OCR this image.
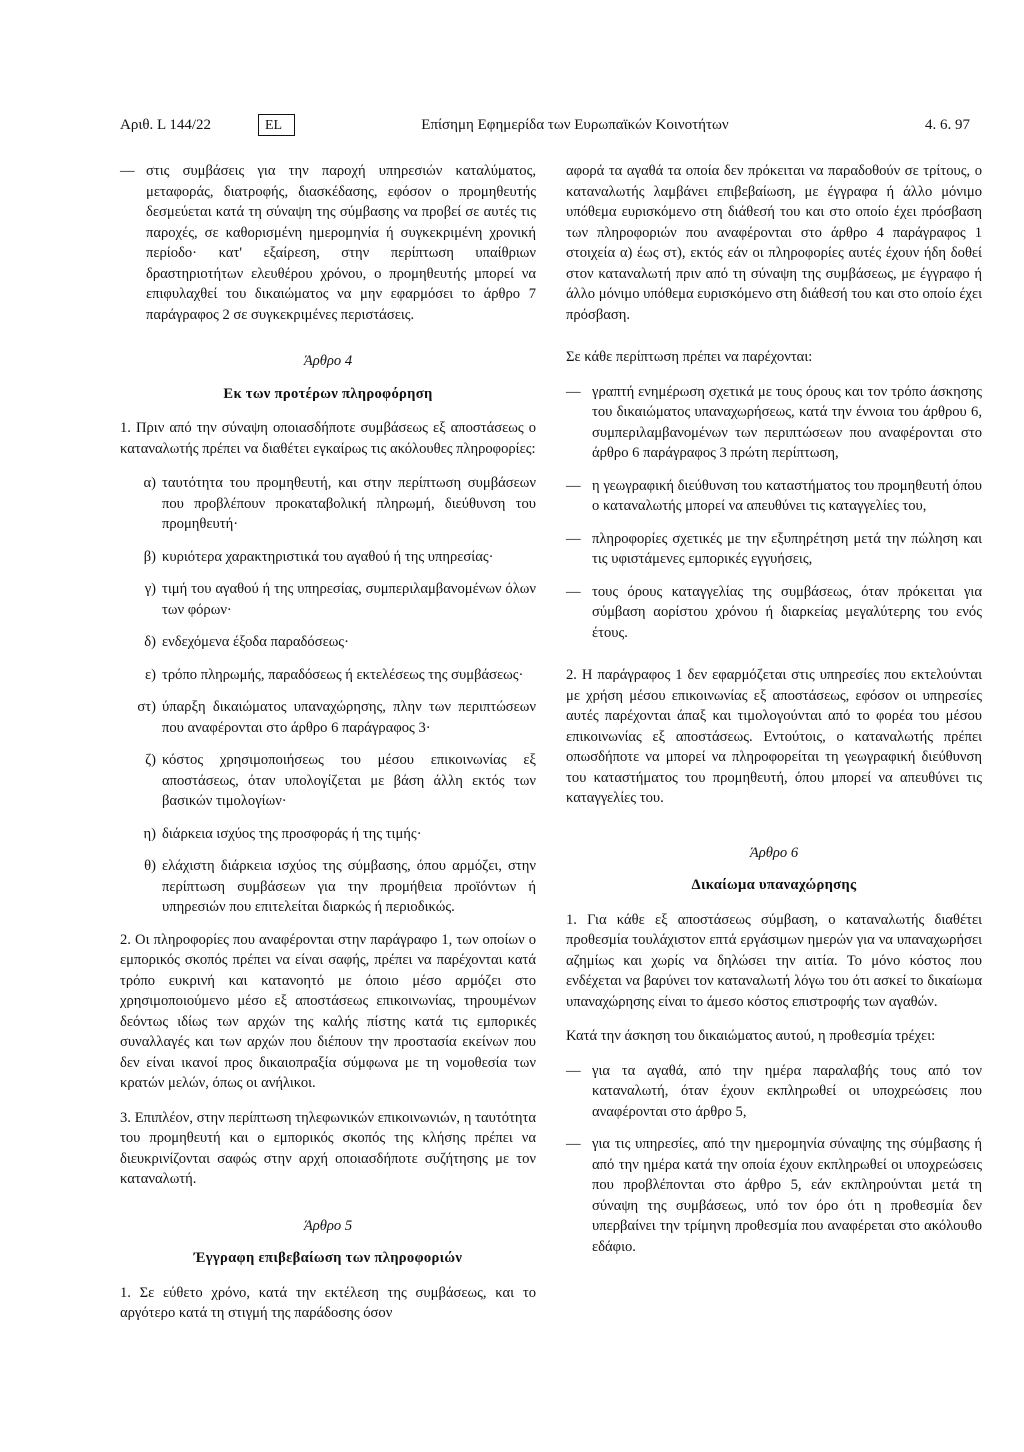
Αριθ. L 144/22	EL	Επίσημη Εφημερίδα των Ευρωπαϊκών Κοινοτήτων	4. 6. 97
— στις συμβάσεις για την παροχή υπηρεσιών καταλύματος, μεταφοράς, διατροφής, διασκέδασης, εφόσον ο προμηθευτής δεσμεύεται κατά τη σύναψη της σύμβασης να προβεί σε αυτές τις παροχές, σε καθορισμένη ημερομηνία ή συγκεκριμένη χρονική περίοδο· κατ' εξαίρεση, στην περίπτωση υπαίθριων δραστηριοτήτων ελευθέρου χρόνου, ο προμηθευτής μπορεί να επιφυλαχθεί του δικαιώματος να μην εφαρμόσει το άρθρο 7 παράγραφος 2 σε συγκεκριμένες περιστάσεις.
Άρθρο 4
Εκ των προτέρων πληροφόρηση

1. Πριν από την σύναψη οποιασδήποτε συμβάσεως εξ αποστάσεως ο καταναλωτής πρέπει να διαθέτει εγκαίρως τις ακόλουθες πληροφορίες:

α) ταυτότητα του προμηθευτή, και στην περίπτωση συμβάσεων που προβλέπουν προκαταβολική πληρωμή, διεύθυνση του προμηθευτή·
β) κυριότερα χαρακτηριστικά του αγαθού ή της υπηρεσίας·
γ) τιμή του αγαθού ή της υπηρεσίας, συμπεριλαμβανομένων όλων των φόρων·
δ) ενδεχόμενα έξοδα παραδόσεως·
ε) τρόπο πληρωμής, παραδόσεως ή εκτελέσεως της συμβάσεως·
στ) ύπαρξη δικαιώματος υπαναχώρησης, πλην των περιπτώσεων που αναφέρονται στο άρθρο 6 παράγραφος 3·
ζ) κόστος χρησιμοποιήσεως του μέσου επικοινωνίας εξ αποστάσεως, όταν υπολογίζεται με βάση άλλη εκτός των βασικών τιμολογίων·
η) διάρκεια ισχύος της προσφοράς ή της τιμής·
θ) ελάχιστη διάρκεια ισχύος της σύμβασης, όπου αρμόζει, στην περίπτωση συμβάσεων για την προμήθεια προϊόντων ή υπηρεσιών που επιτελείται διαρκώς ή περιοδικώς.

2. Οι πληροφορίες που αναφέρονται στην παράγραφο 1, των οποίων ο εμπορικός σκοπός πρέπει να είναι σαφής, πρέπει να παρέχονται κατά τρόπο ευκρινή και κατανοητό με όποιο μέσο αρμόζει στο χρησιμοποιούμενο μέσο εξ αποστάσεως επικοινωνίας, τηρουμένων δεόντως ιδίως των αρχών της καλής πίστης κατά τις εμπορικές συναλλαγές και των αρχών που διέπουν την προστασία εκείνων που δεν είναι ικανοί προς δικαιοπραξία σύμφωνα με τη νομοθεσία των κρατών μελών, όπως οι ανήλικοι.

3. Επιπλέον, στην περίπτωση τηλεφωνικών επικοινωνιών, η ταυτότητα του προμηθευτή και ο εμπορικός σκοπός της κλήσης πρέπει να διευκρινίζονται σαφώς στην αρχή οποιασδήποτε συζήτησης με τον καταναλωτή.

Άρθρο 5
Έγγραφη επιβεβαίωση των πληροφοριών

1. Σε εύθετο χρόνο, κατά την εκτέλεση της συμβάσεως, και το αργότερο κατά τη στιγμή της παράδοσης όσον

αφορά τα αγαθά τα οποία δεν πρόκειται να παραδοθούν σε τρίτους, ο καταναλωτής λαμβάνει επιβεβαίωση, με έγγραφα ή άλλο μόνιμο υπόθεμα ευρισκόμενο στη διάθεσή του και στο οποίο έχει πρόσβαση των πληροφοριών που αναφέρονται στο άρθρο 4 παράγραφος 1 στοιχεία α) έως στ), εκτός εάν οι πληροφορίες αυτές έχουν ήδη δοθεί στον καταναλωτή πριν από τη σύναψη της συμβάσεως, με έγγραφο ή άλλο μόνιμο υπόθεμα ευρισκόμενο στη διάθεσή του και στο οποίο έχει πρόσβαση.

Σε κάθε περίπτωση πρέπει να παρέχονται:

— γραπτή ενημέρωση σχετικά με τους όρους και τον τρόπο άσκησης του δικαιώματος υπαναχωρήσεως, κατά την έννοια του άρθρου 6, συμπεριλαμβανομένων των περιπτώσεων που αναφέρονται στο άρθρο 6 παράγραφος 3 πρώτη περίπτωση,
— η γεωγραφική διεύθυνση του καταστήματος του προμηθευτή όπου ο καταναλωτής μπορεί να απευθύνει τις καταγγελίες του,
— πληροφορίες σχετικές με την εξυπηρέτηση μετά την πώληση και τις υφιστάμενες εμπορικές εγγυήσεις,
— τους όρους καταγγελίας της συμβάσεως, όταν πρόκειται για σύμβαση αορίστου χρόνου ή διαρκείας μεγαλύτερης του ενός έτους.

2. Η παράγραφος 1 δεν εφαρμόζεται στις υπηρεσίες που εκτελούνται με χρήση μέσου επικοινωνίας εξ αποστάσεως, εφόσον οι υπηρεσίες αυτές παρέχονται άπαξ και τιμολογούνται από το φορέα του μέσου επικοινωνίας εξ αποστάσεως. Εντούτοις, ο καταναλωτής πρέπει οπωσδήποτε να μπορεί να πληροφορείται τη γεωγραφική διεύθυνση του καταστήματος του προμηθευτή, όπου μπορεί να απευθύνει τις καταγγελίες του.

Άρθρο 6
Δικαίωμα υπαναχώρησης

1. Για κάθε εξ αποστάσεως σύμβαση, ο καταναλωτής διαθέτει προθεσμία τουλάχιστον επτά εργάσιμων ημερών για να υπαναχωρήσει αζημίως και χωρίς να δηλώσει την αιτία. Το μόνο κόστος που ενδέχεται να βαρύνει τον καταναλωτή λόγω του ότι ασκεί το δικαίωμα υπαναχώρησης είναι το άμεσο κόστος επιστροφής των αγαθών.

Κατά την άσκηση του δικαιώματος αυτού, η προθεσμία τρέχει:

— για τα αγαθά, από την ημέρα παραλαβής τους από τον καταναλωτή, όταν έχουν εκπληρωθεί οι υποχρεώσεις που αναφέρονται στο άρθρο 5,
— για τις υπηρεσίες, από την ημερομηνία σύναψης της σύμβασης ή από την ημέρα κατά την οποία έχουν εκπληρωθεί οι υποχρεώσεις που προβλέπονται στο άρθρο 5, εάν εκπληρούνται μετά τη σύναψη της συμβάσεως, υπό τον όρο ότι η προθεσμία δεν υπερβαίνει την τρίμηνη προθεσμία που αναφέρεται στο ακόλουθο εδάφιο.
